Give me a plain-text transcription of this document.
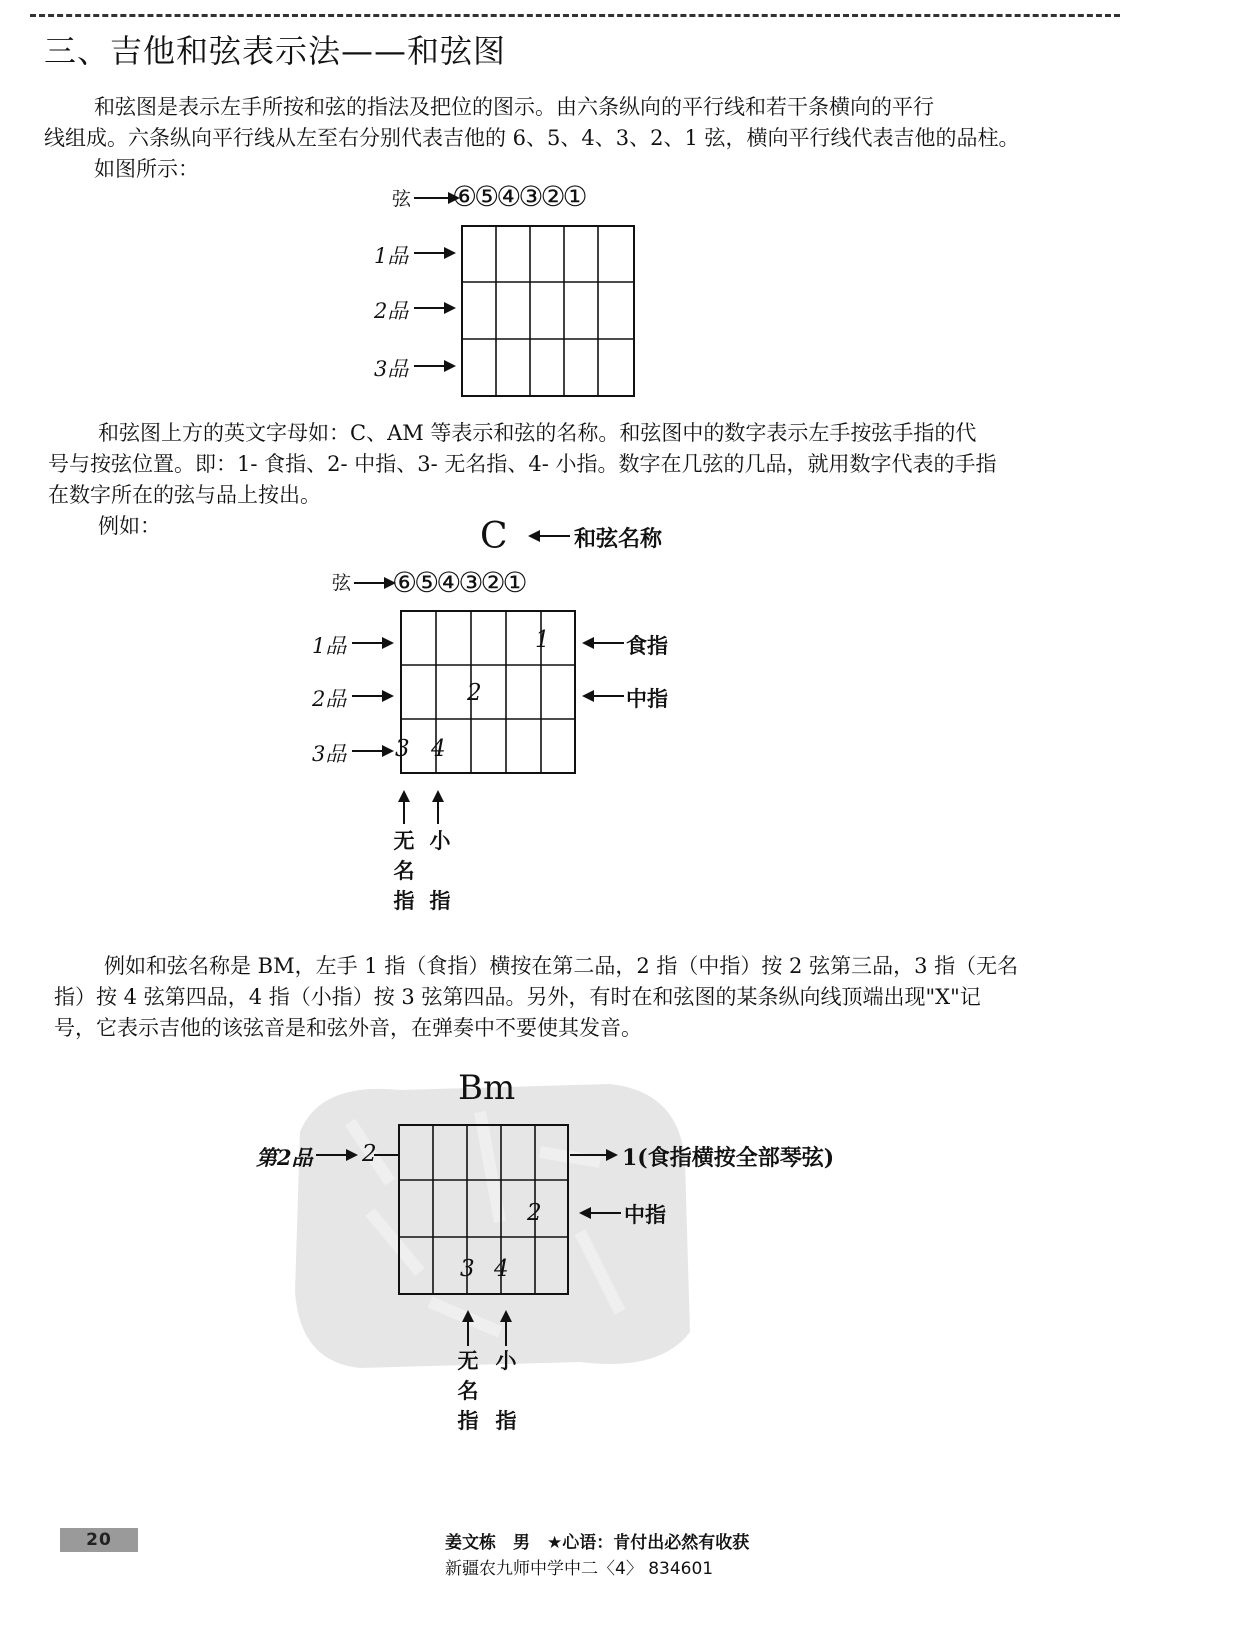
三、吉他和弦表示法——和弦图
和弦图是表示左手所按和弦的指法及把位的图示。由六条纵向的平行线和若干条横向的平行
线组成。六条纵向平行线从左至右分别代表吉他的 6、5、4、3、2、1 弦，横向平行线代表吉他的品柱。
如图所示：
弦 ⑥⑤④③②①
1品
2品
3品
和弦图上方的英文字母如：C、AM 等表示和弦的名称。和弦图中的数字表示左手按弦手指的代
号与按弦位置。即：1- 食指、2- 中指、3- 无名指、4- 小指。数字在几弦的几品，就用数字代表的手指
在数字所在的弦与品上按出。
例如：	C	和弦名称
弦 ⑥⑤④③②①
1
2
3 4
1品
2品
3品
食指
中指
无
名
指
小
指
例如和弦名称是 BM，左手 1 指（食指）横按在第二品，2 指（中指）按 2 弦第三品，3 指（无名
指）按 4 弦第四品，4 指（小指）按 3 弦第四品。另外，有时在和弦图的某条纵向线顶端出现"X"记
号，它表示吉他的该弦音是和弦外音，在弹奏中不要使其发音。
Bm
第2品 2	1(食指横按全部琴弦)
2
3 4
中指
无
名
指
小
指
20	姜文栋　男　★心语：肯付出必然有收获
新疆农九师中学中二〈4〉 834601
